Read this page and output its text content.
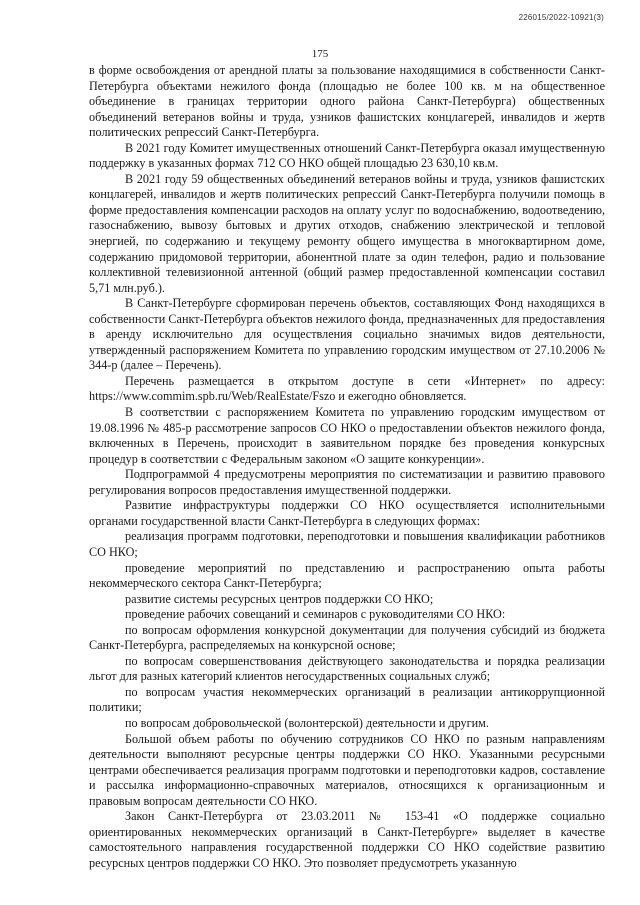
226015/2022-10921(3)
175

в форме освобождения от арендной платы за пользование находящимися в собственности Санкт-Петербурга объектами нежилого фонда (площадью не более 100 кв. м на общественное объединение в границах территории одного района Санкт-Петербурга) общественных объединений ветеранов войны и труда, узников фашистских концлагерей, инвалидов и жертв политических репрессий Санкт-Петербурга.

В 2021 году Комитет имущественных отношений Санкт-Петербурга оказал имущественную поддержку в указанных формах 712 СО НКО общей площадью 23 630,10 кв.м.

В 2021 году 59 общественных объединений ветеранов войны и труда, узников фашистских концлагерей, инвалидов и жертв политических репрессий Санкт-Петербурга получили помощь в форме предоставления компенсации расходов на оплату услуг по водоснабжению, водоотведению, газоснабжению, вывозу бытовых и других отходов, снабжению электрической и тепловой энергией, по содержанию и текущему ремонту общего имущества в многоквартирном доме, содержанию придомовой территории, абонентной плате за один телефон, радио и пользование коллективной телевизионной антенной (общий размер предоставленной компенсации составил 5,71 млн.руб.).

В Санкт-Петербурге сформирован перечень объектов, составляющих Фонд находящихся в собственности Санкт-Петербурга объектов нежилого фонда, предназначенных для предоставления в аренду исключительно для осуществления социально значимых видов деятельности, утвержденный распоряжением Комитета по управлению городским имуществом от 27.10.2006 № 344-р (далее – Перечень).

Перечень размещается в открытом доступе в сети «Интернет» по адресу: https://www.commim.spb.ru/Web/RealEstate/Fszo и ежегодно обновляется.

В соответствии с распоряжением Комитета по управлению городским имуществом от 19.08.1996 № 485-р рассмотрение запросов СО НКО о предоставлении объектов нежилого фонда, включенных в Перечень, происходит в заявительном порядке без проведения конкурсных процедур в соответствии с Федеральным законом «О защите конкуренции».

Подпрограммой 4 предусмотрены мероприятия по систематизации и развитию правового регулирования вопросов предоставления имущественной поддержки.

Развитие инфраструктуры поддержки СО НКО осуществляется исполнительными органами государственной власти Санкт-Петербурга в следующих формах:

реализация программ подготовки, переподготовки и повышения квалификации работников СО НКО;

проведение мероприятий по представлению и распространению опыта работы некоммерческого сектора Санкт-Петербурга;

развитие системы ресурсных центров поддержки СО НКО;

проведение рабочих совещаний и семинаров с руководителями СО НКО:

по вопросам оформления конкурсной документации для получения субсидий из бюджета Санкт-Петербурга, распределяемых на конкурсной основе;

по вопросам совершенствования действующего законодательства и порядка реализации льгот для разных категорий клиентов негосударственных социальных служб;

по вопросам участия некоммерческих организаций в реализации антикоррупционной политики;

по вопросам добровольческой (волонтерской) деятельности и другим.

Большой объем работы по обучению сотрудников СО НКО по разным направлениям деятельности выполняют ресурсные центры поддержки СО НКО. Указанными ресурсными центрами обеспечивается реализация программ подготовки и переподготовки кадров, составление и рассылка информационно-справочных материалов, относящихся к организационным и правовым вопросам деятельности СО НКО.

Закон Санкт-Петербурга от 23.03.2011 № 153-41 «О поддержке социально ориентированных некоммерческих организаций в Санкт-Петербурге» выделяет в качестве самостоятельного направления государственной поддержки СО НКО содействие развитию ресурсных центров поддержки СО НКО. Это позволяет предусмотреть указанную
